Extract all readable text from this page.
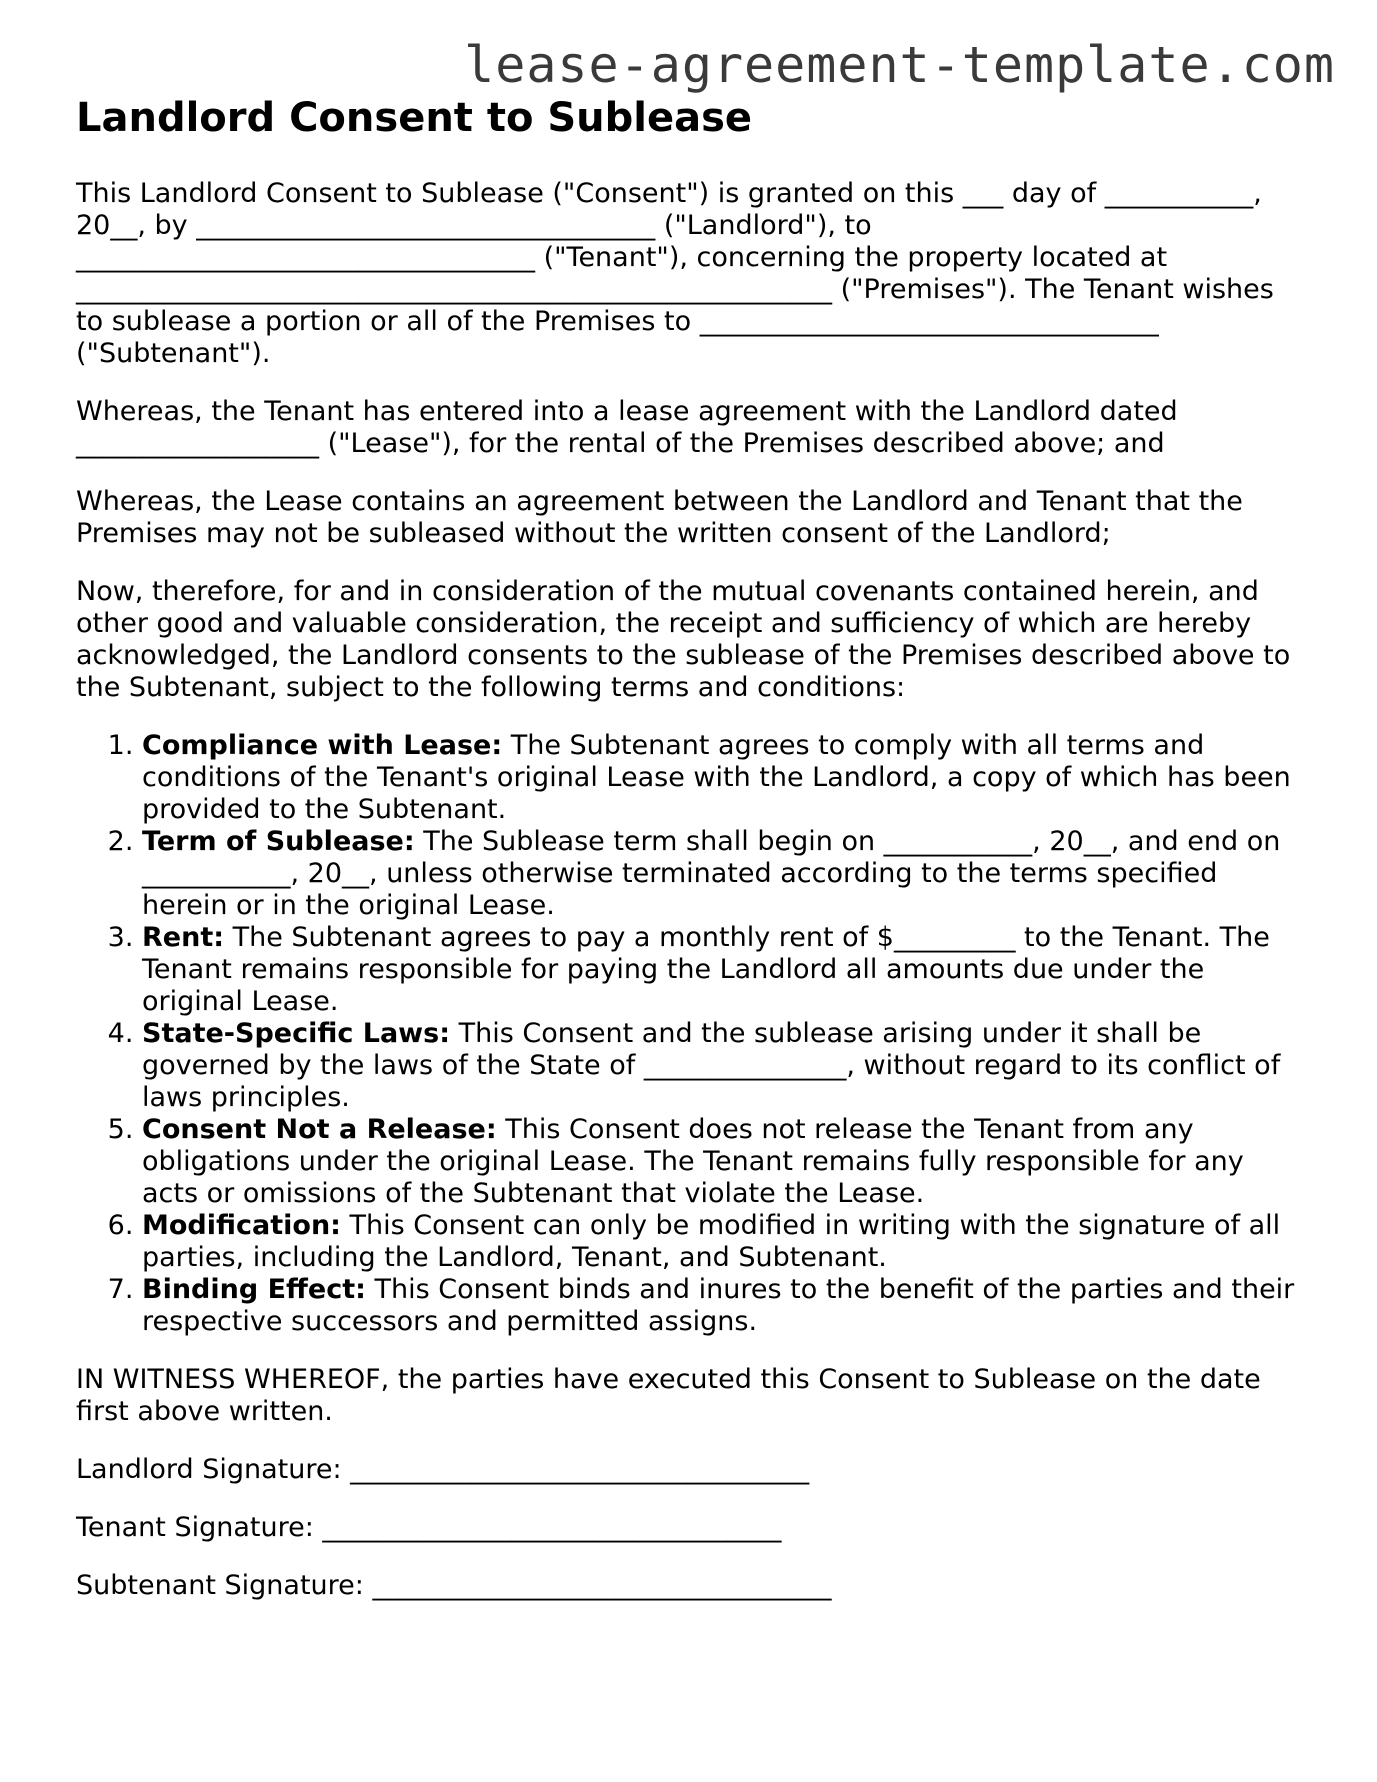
lease-agreement-template.com
Landlord Consent to Sublease

This Landlord Consent to Sublease ("Consent") is granted on this ___ day of ___________, 20__, by __________________________________ ("Landlord"), to __________________________________ ("Tenant"), concerning the property located at ________________________________________________________ ("Premises"). The Tenant wishes to sublease a portion or all of the Premises to __________________________________ ("Subtenant").

Whereas, the Tenant has entered into a lease agreement with the Landlord dated __________________ ("Lease"), for the rental of the Premises described above; and

Whereas, the Lease contains an agreement between the Landlord and Tenant that the Premises may not be subleased without the written consent of the Landlord;

Now, therefore, for and in consideration of the mutual covenants contained herein, and other good and valuable consideration, the receipt and sufficiency of which are hereby acknowledged, the Landlord consents to the sublease of the Premises described above to the Subtenant, subject to the following terms and conditions:

1. Compliance with Lease: The Subtenant agrees to comply with all terms and conditions of the Tenant's original Lease with the Landlord, a copy of which has been provided to the Subtenant.
2. Term of Sublease: The Sublease term shall begin on ___________, 20__, and end on ___________, 20__, unless otherwise terminated according to the terms specified herein or in the original Lease.
3. Rent: The Subtenant agrees to pay a monthly rent of $_________ to the Tenant. The Tenant remains responsible for paying the Landlord all amounts due under the original Lease.
4. State-Specific Laws: This Consent and the sublease arising under it shall be governed by the laws of the State of _______________, without regard to its conflict of laws principles.
5. Consent Not a Release: This Consent does not release the Tenant from any obligations under the original Lease. The Tenant remains fully responsible for any acts or omissions of the Subtenant that violate the Lease.
6. Modification: This Consent can only be modified in writing with the signature of all parties, including the Landlord, Tenant, and Subtenant.
7. Binding Effect: This Consent binds and inures to the benefit of the parties and their respective successors and permitted assigns.

IN WITNESS WHEREOF, the parties have executed this Consent to Sublease on the date first above written.

Landlord Signature: __________________________________

Tenant Signature: __________________________________

Subtenant Signature: __________________________________
